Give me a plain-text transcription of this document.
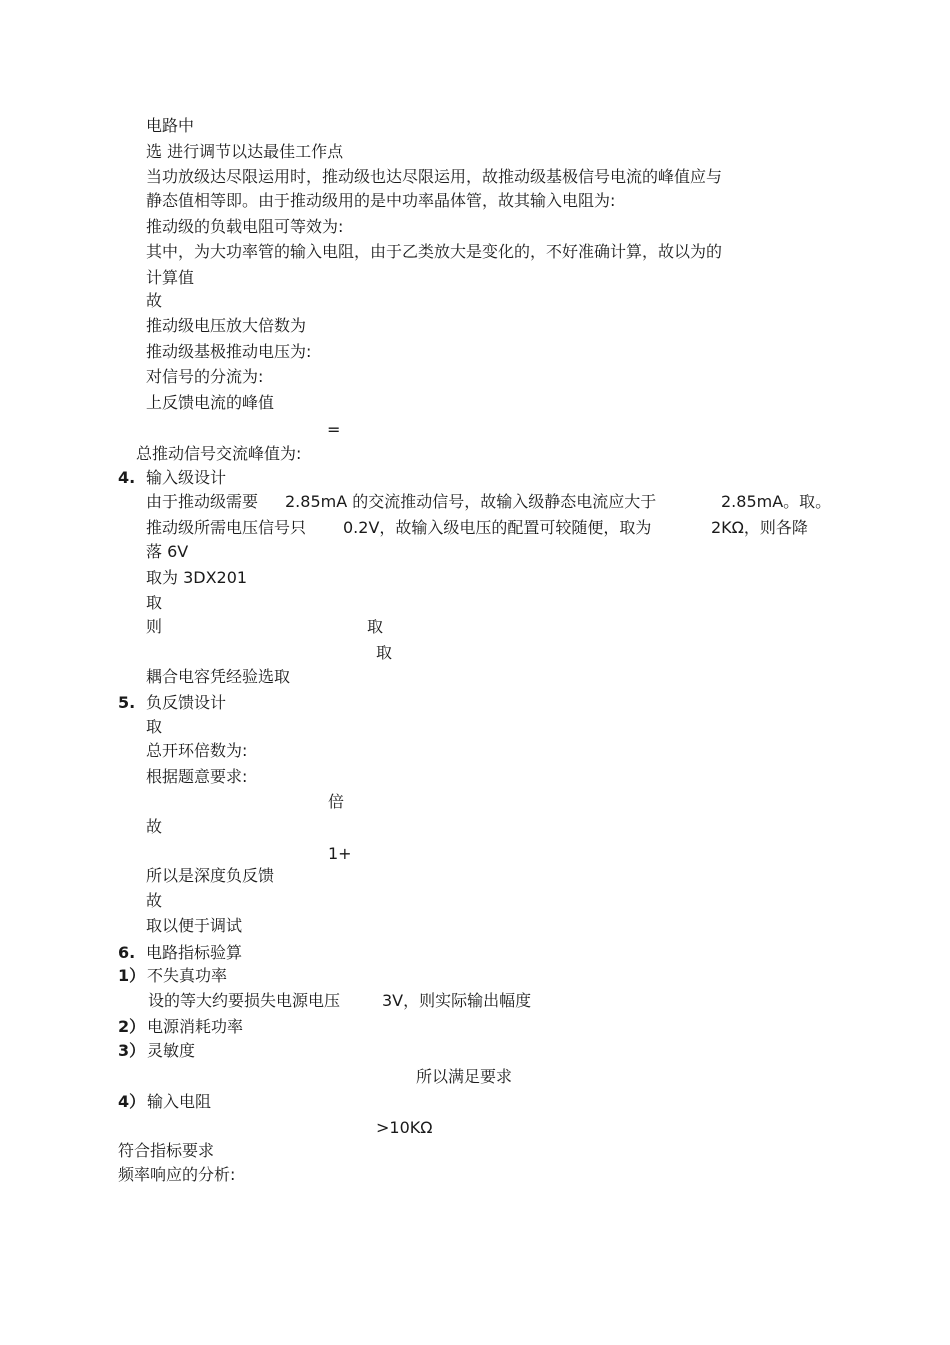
电路中
选 进行调节以达最佳工作点
当功放级达尽限运用时，推动级也达尽限运用，故推动级基极信号电流的峰值应与
静态值相等即。由于推动级用的是中功率晶体管，故其输入电阻为:
推动级的负载电阻可等效为:
其中，为大功率管的输入电阻，由于乙类放大是变化的，不好准确计算，故以为的
计算值
故
推动级电压放大倍数为
推动级基极推动电压为:
对信号的分流为:
上反馈电流的峰值
=
总推动信号交流峰值为:
4. 输入级设计
由于推动级需要 2.85mA 的交流推动信号，故输入级静态电流应大于	2.85mA。取。
推动级所需电压信号只 0.2V，故输入级电压的配置可较随便，取为	2KΩ，则各降
落 6V
取为 3DX201
取
则	取
取
耦合电容凭经验选取
5. 负反馈设计
取
总开环倍数为:
根据题意要求:
倍
故
1+
所以是深度负反馈
故
取以便于调试
6. 电路指标验算
1） 不失真功率
设的等大约要损失电源电压	3V，则实际输出幅度
2） 电源消耗功率
3） 灵敏度
所以满足要求
4） 输入电阻
>10KΩ
符合指标要求
频率响应的分析:
